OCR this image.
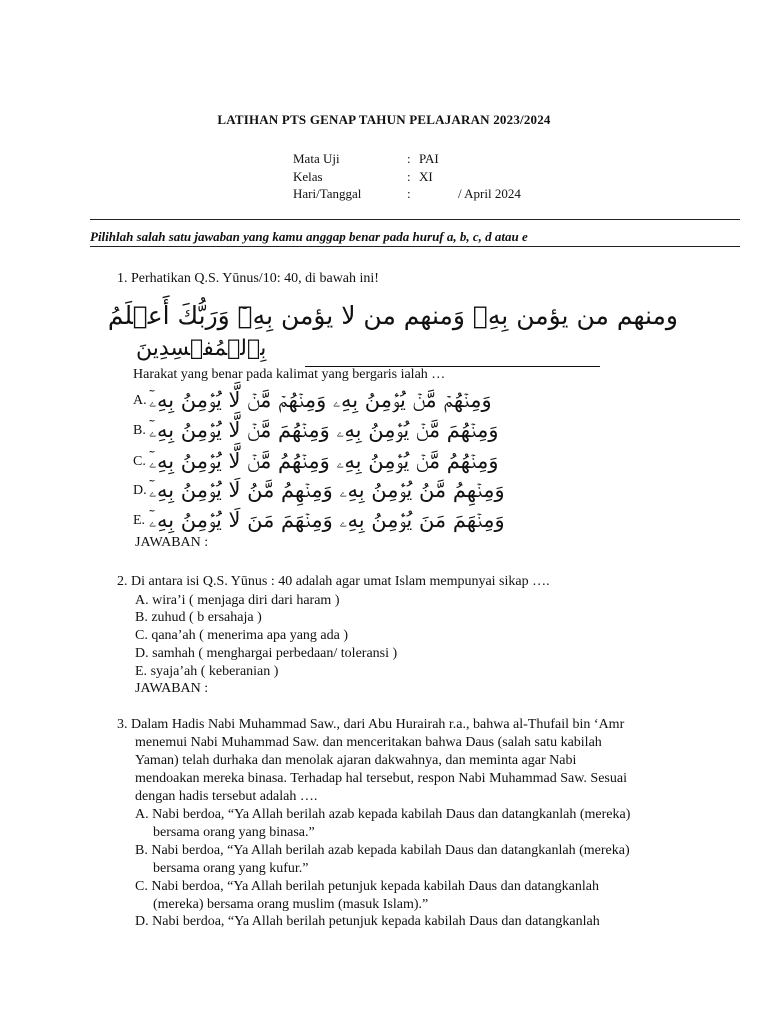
LATIHAN PTS GENAP TAHUN PELAJARAN 2023/2024
Mata Uji	: PAI
Kelas	: XI
Hari/Tanggal	: / April 2024
Pilihlah salah satu jawaban yang kamu anggap benar pada huruf a, b, c, d atau e
1. Perhatikan Q.S. Yūnus/10: 40, di bawah ini!
ومنهم من يؤمن بِهِۦ وَمنهم من لا يؤمن بِهِۦٓ وَرَبُّكَ أَعۡلَمُ
بِٱلۡمُفۡسِدِينَ
Harakat yang benar pada kalimat yang bergaris ialah …
A. وَمِنۡهُمۡ مَّنۡ يُؤۡمِنُ بِهِۦ وَمِنۡهُمۡ مَّنۡ لَّا يُؤۡمِنُ بِهِۦٓ
B. وَمِنۡهُمَ مَّنۡ يُؤۡمِنُ بِهِۦ وَمِنۡهُمَ مَّنۡ لَّا يُؤۡمِنُ بِهِۦٓ
C. وَمِنۡهُمُ مَّنۡ يُؤۡمِنُ بِهِۦ وَمِنۡهُمُ مَّنۡ لَّا يُؤۡمِنُ بِهِۦٓ
D. وَمِنۡهِمُ مَّنُ يُؤۡمِنُ بِهِۦ وَمِنۡهِمُ مَّنُ لَا يُؤۡمِنُ بِهِۦٓ
E. وَمِنۡهَمَ مَنَ يُؤۡمِنُ بِهِۦ وَمِنۡهَمَ مَنَ لَا يُؤۡمِنُ بِهِۦٓ
JAWABAN :
2. Di antara isi Q.S. Yūnus : 40 adalah agar umat Islam mempunyai sikap ….
A. wira’i ( menjaga diri dari haram )
B. zuhud ( b ersahaja )
C. qana’ah ( menerima apa yang ada )
D. samhah ( menghargai perbedaan/ toleransi )
E. syaja’ah ( keberanian )
JAWABAN :
3. Dalam Hadis Nabi Muhammad Saw., dari Abu Hurairah r.a., bahwa al-Thufail bin ‘Amr
menemui Nabi Muhammad Saw. dan menceritakan bahwa Daus (salah satu kabilah
Yaman) telah durhaka dan menolak ajaran dakwahnya, dan meminta agar Nabi
mendoakan mereka binasa. Terhadap hal tersebut, respon Nabi Muhammad Saw. Sesuai
dengan hadis tersebut adalah ….
A. Nabi berdoa, “Ya Allah berilah azab kepada kabilah Daus dan datangkanlah (mereka)
bersama orang yang binasa.”
B. Nabi berdoa, “Ya Allah berilah azab kepada kabilah Daus dan datangkanlah (mereka)
bersama orang yang kufur.”
C. Nabi berdoa, “Ya Allah berilah petunjuk kepada kabilah Daus dan datangkanlah
(mereka) bersama orang muslim (masuk Islam).”
D. Nabi berdoa, “Ya Allah berilah petunjuk kepada kabilah Daus dan datangkanlah
